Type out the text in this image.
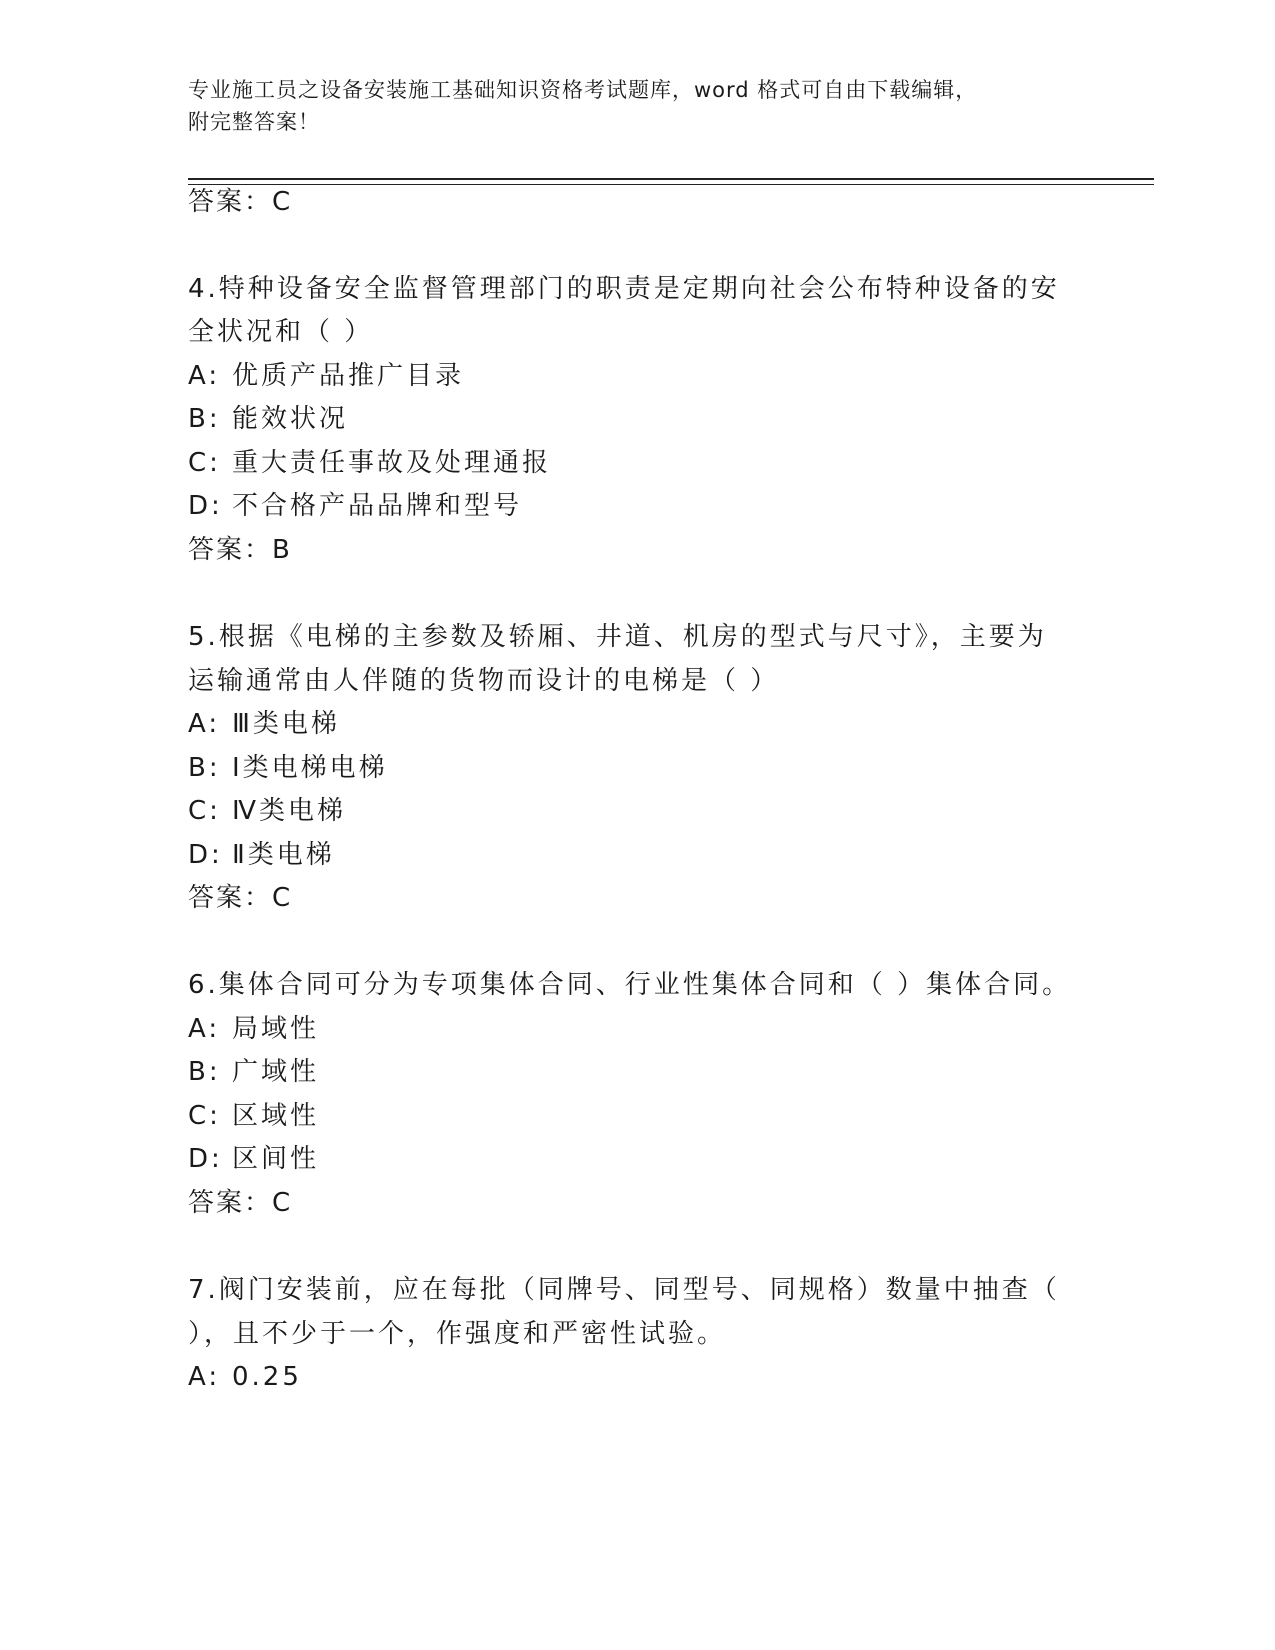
专业施工员之设备安装施工基础知识资格考试题库，word 格式可自由下载编辑，
附完整答案！
答案：C
4.特种设备安全监督管理部门的职责是定期向社会公布特种设备的安
全状况和（ ）
A: 优质产品推广目录
B: 能效状况
C: 重大责任事故及处理通报
D: 不合格产品品牌和型号
答案：B
5.根据《电梯的主参数及轿厢、井道、机房的型式与尺寸》，主要为
运输通常由人伴随的货物而设计的电梯是（ ）
A: Ⅲ类电梯
B: Ⅰ类电梯电梯
C: Ⅳ类电梯
D: Ⅱ类电梯
答案：C
6.集体合同可分为专项集体合同、行业性集体合同和（ ）集体合同。
A: 局域性
B: 广域性
C: 区域性
D: 区间性
答案：C
7.阀门安装前，应在每批（同牌号、同型号、同规格）数量中抽查（
），且不少于一个，作强度和严密性试验。
A: 0.25
